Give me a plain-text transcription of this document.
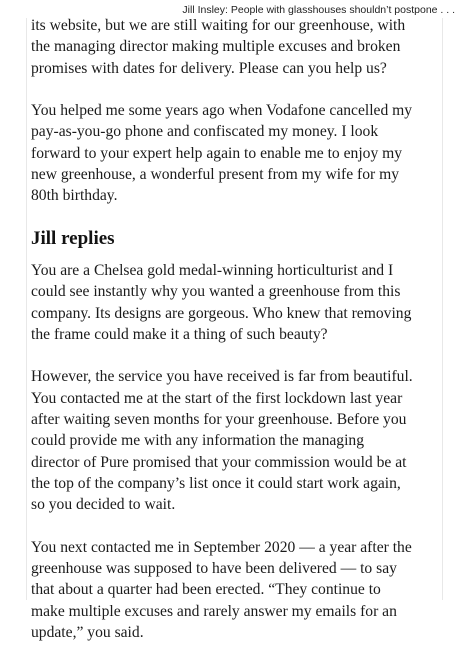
Jill Insley: People with glasshouses shouldn’t postpone . . .

its website, but we are still waiting for our greenhouse, with the managing director making multiple excuses and broken promises with dates for delivery. Please can you help us?

You helped me some years ago when Vodafone cancelled my pay-as-you-go phone and confiscated my money. I look forward to your expert help again to enable me to enjoy my new greenhouse, a wonderful present from my wife for my 80th birthday.

Jill replies

You are a Chelsea gold medal-winning horticulturist and I could see instantly why you wanted a greenhouse from this company. Its designs are gorgeous. Who knew that removing the frame could make it a thing of such beauty?

However, the service you have received is far from beautiful. You contacted me at the start of the first lockdown last year after waiting seven months for your greenhouse. Before you could provide me with any information the managing director of Pure promised that your commission would be at the top of the company’s list once it could start work again, so you decided to wait.

You next contacted me in September 2020 — a year after the greenhouse was supposed to have been delivered — to say that about a quarter had been erected. “They continue to make multiple excuses and rarely answer my emails for an update,” you said.
